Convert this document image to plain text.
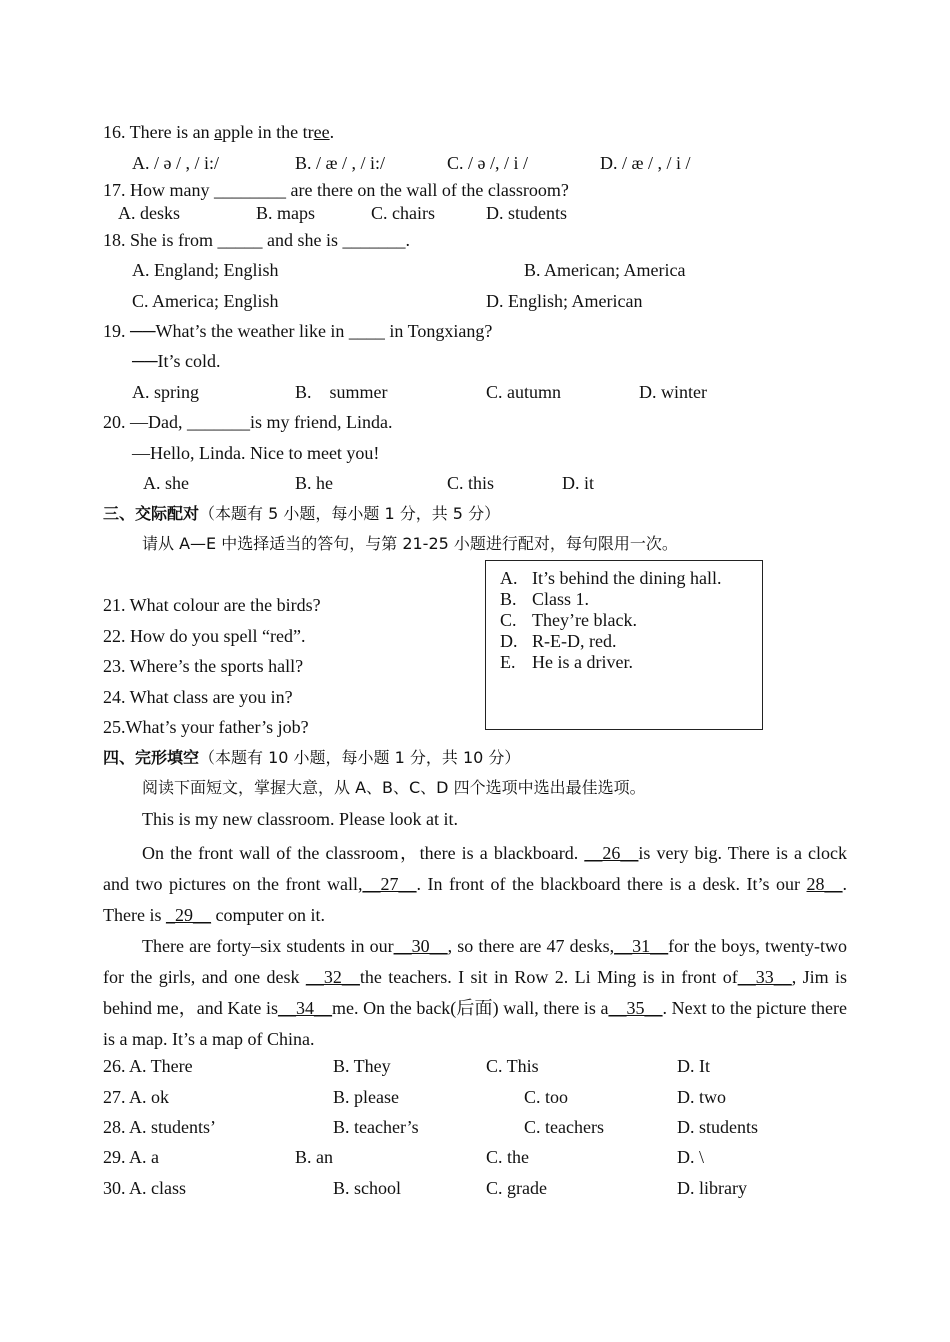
16. There is an apple in the tree.
A. / ə / , / i:/	B. / æ / , / i:/	C. / ə /, / i /	D. / æ / , / i /
17. How many ________ are there on the wall of the classroom?
A. desks	B. maps	C. chairs	D. students
18. She is from _____ and she is _______.
A. England; English	B. American; America
C. America; English	D. English; American
19. ──What’s the weather like in ____ in Tongxiang?
──It’s cold.
A. spring	B.    summer	C. autumn	D. winter
20. —Dad, _______is my friend, Linda.
—Hello, Linda. Nice to meet you!
A. she	B. he	C. this	D. it
三、交际配对（本题有 5 小题，每小题 1 分，共 5 分）
请从 A—E 中选择适当的答句，与第 21-25 小题进行配对，每句限用一次。
21. What colour are the birds?
22. How do you spell “red”.
23. Where’s the sports hall?
24. What class are you in?
25.What’s your father’s job?
A. It’s behind the dining hall.
B. Class 1.
C. They’re black.
D. R-E-D, red.
E. He is a driver.
四、完形填空（本题有 10 小题，每小题 1 分，共 10 分）
阅读下面短文，掌握大意，从 A、B、C、D 四个选项中选出最佳选项。
This is my new classroom. Please look at it.
On the front wall of the classroom，there is a blackboard. __26__is very big. There is a clock and two pictures on the front wall,__27__. In front of the blackboard there is a desk. It’s our 28__. There is _29__ computer on it.
There are forty–six students in our__30__, so there are 47 desks,__31__for the boys, twenty-two for the girls, and one desk __32__the teachers. I sit in Row 2. Li Ming is in front of__33__, Jim is behind me，and Kate is__34__me. On the back(后面) wall, there is a__35__. Next to the picture there is a map. It’s a map of China.
26. A. There	B. They	C. This	D. It
27. A. ok	B. please	C. too	D. two
28. A. students’	B. teacher’s	C. teachers	D. students
29. A. a	B. an	C. the	D. \
30. A. class	B. school	C. grade	D. library
